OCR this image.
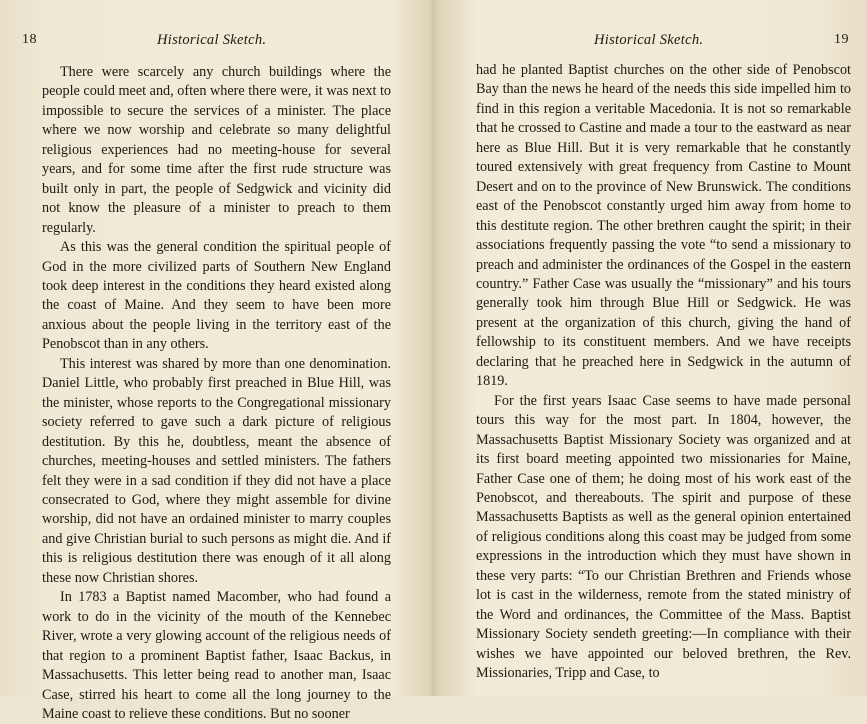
18	Historical Sketch.

There were scarcely any church buildings where the people could meet and, often where there were, it was next to impossible to secure the services of a minister. The place where we now worship and celebrate so many delightful religious experiences had no meeting-house for several years, and for some time after the first rude structure was built only in part, the people of Sedgwick and vicinity did not know the pleasure of a minister to preach to them regularly.

As this was the general condition the spiritual people of God in the more civilized parts of Southern New England took deep interest in the conditions they heard existed along the coast of Maine. And they seem to have been more anxious about the people living in the territory east of the Penobscot than in any others.

This interest was shared by more than one denomination. Daniel Little, who probably first preached in Blue Hill, was the minister, whose reports to the Congregational missionary society referred to gave such a dark picture of religious destitution. By this he, doubtless, meant the absence of churches, meeting-houses and settled ministers. The fathers felt they were in a sad condition if they did not have a place consecrated to God, where they might assemble for divine worship, did not have an ordained minister to marry couples and give Christian burial to such persons as might die. And if this is religious destitution there was enough of it all along these now Christian shores.

In 1783 a Baptist named Macomber, who had found a work to do in the vicinity of the mouth of the Kennebec River, wrote a very glowing account of the religious needs of that region to a prominent Baptist father, Isaac Backus, in Massachusetts. This letter being read to another man, Isaac Case, stirred his heart to come all the long journey to the Maine coast to relieve these conditions. But no sooner

Historical Sketch.	19

had he planted Baptist churches on the other side of Penobscot Bay than the news he heard of the needs this side impelled him to find in this region a veritable Macedonia. It is not so remarkable that he crossed to Castine and made a tour to the eastward as near here as Blue Hill. But it is very remarkable that he constantly toured extensively with great frequency from Castine to Mount Desert and on to the province of New Brunswick. The conditions east of the Penobscot constantly urged him away from home to this destitute region. The other brethren caught the spirit; in their associations frequently passing the vote “to send a missionary to preach and administer the ordinances of the Gospel in the eastern country.” Father Case was usually the “missionary” and his tours generally took him through Blue Hill or Sedgwick. He was present at the organization of this church, giving the hand of fellowship to its constituent members. And we have receipts declaring that he preached here in Sedgwick in the autumn of 1819.

For the first years Isaac Case seems to have made personal tours this way for the most part. In 1804, however, the Massachusetts Baptist Missionary Society was organized and at its first board meeting appointed two missionaries for Maine, Father Case one of them; he doing most of his work east of the Penobscot, and thereabouts. The spirit and purpose of these Massachusetts Baptists as well as the general opinion entertained of religious conditions along this coast may be judged from some expressions in the introduction which they must have shown in these very parts: “To our Christian Brethren and Friends whose lot is cast in the wilderness, remote from the stated ministry of the Word and ordinances, the Committee of the Mass. Baptist Missionary Society sendeth greeting:—In compliance with their wishes we have appointed our beloved brethren, the Rev. Missionaries, Tripp and Case, to
